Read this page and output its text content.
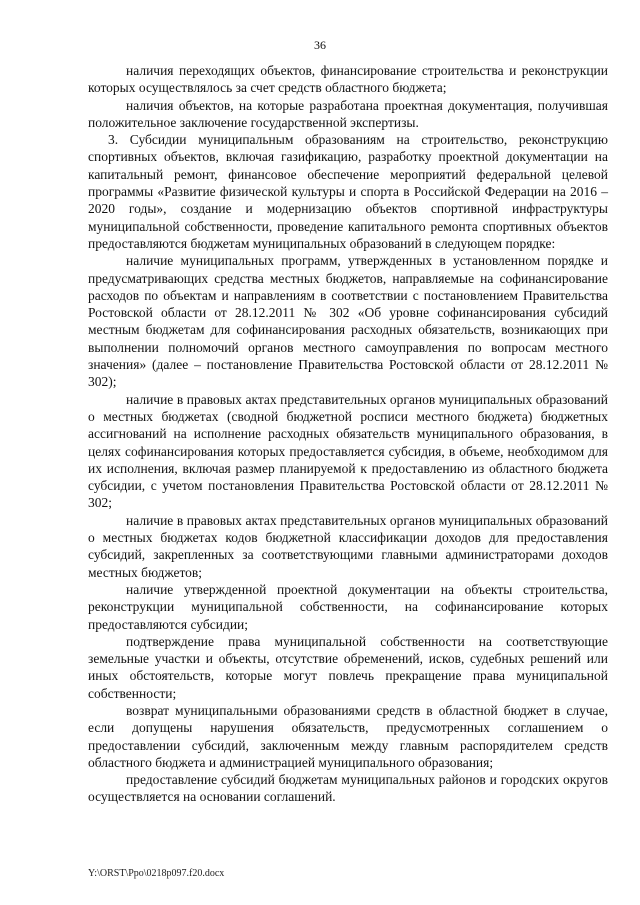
36

наличия переходящих объектов, финансирование строительства и реконструкции которых осуществлялось за счет средств областного бюджета;

наличия объектов, на которые разработана проектная документация, получившая положительное заключение государственной экспертизы.

3. Субсидии муниципальным образованиям на строительство, реконструкцию спортивных объектов, включая газификацию, разработку проектной документации на капитальный ремонт, финансовое обеспечение мероприятий федеральной целевой программы «Развитие физической культуры и спорта в Российской Федерации на 2016 – 2020 годы», создание и модернизацию объектов спортивной инфраструктуры муниципальной собственности, проведение капитального ремонта спортивных объектов предоставляются бюджетам муниципальных образований в следующем порядке:

наличие муниципальных программ, утвержденных в установленном порядке и предусматривающих средства местных бюджетов, направляемые на софинансирование расходов по объектам и направлениям в соответствии с постановлением Правительства Ростовской области от 28.12.2011 № 302 «Об уровне софинансирования субсидий местным бюджетам для софинансирования расходных обязательств, возникающих при выполнении полномочий органов местного самоуправления по вопросам местного значения» (далее – постановление Правительства Ростовской области от 28.12.2011 № 302);

наличие в правовых актах представительных органов муниципальных образований о местных бюджетах (сводной бюджетной росписи местного бюджета) бюджетных ассигнований на исполнение расходных обязательств муниципального образования, в целях софинансирования которых предоставляется субсидия, в объеме, необходимом для их исполнения, включая размер планируемой к предоставлению из областного бюджета субсидии, с учетом постановления Правительства Ростовской области от 28.12.2011 № 302;

наличие в правовых актах представительных органов муниципальных образований о местных бюджетах кодов бюджетной классификации доходов для предоставления субсидий, закрепленных за соответствующими главными администраторами доходов местных бюджетов;

наличие утвержденной проектной документации на объекты строительства, реконструкции муниципальной собственности, на софинансирование которых предоставляются субсидии;

подтверждение права муниципальной собственности на соответствующие земельные участки и объекты, отсутствие обременений, исков, судебных решений или иных обстоятельств, которые могут повлечь прекращение права муниципальной собственности;

возврат муниципальными образованиями средств в областной бюджет в случае, если допущены нарушения обязательств, предусмотренных соглашением о предоставлении субсидий, заключенным между главным распорядителем средств областного бюджета и администрацией муниципального образования;

предоставление субсидий бюджетам муниципальных районов и городских округов осуществляется на основании соглашений.

Y:\ORST\Ppo\0218p097.f20.docx
